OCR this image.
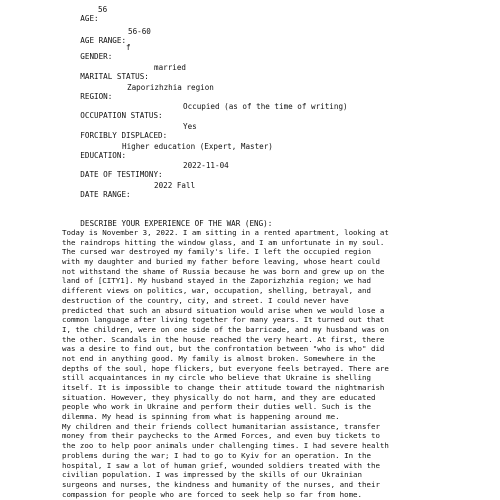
AGE:

56

AGE RANGE:

56-60

GENDER:

f

MARITAL STATUS:

married

REGION:

Zaporizhzhia region

OCCUPATION STATUS:

Occupied (as of the time of writing)

FORCIBLY DISPLACED:

Yes

EDUCATION:

Higher education (Expert, Master)

DATE OF TESTIMONY:

2022-11-04

DATE RANGE:

2022 Fall

DESCRIBE YOUR EXPERIENCE OF THE WAR (ENG):

Today is November 3, 2022. I am sitting in a rented apartment, looking at
the raindrops hitting the window glass, and I am unfortunate in my soul.
The cursed war destroyed my family's life. I left the occupied region
with my daughter and buried my father before leaving, whose heart could
not withstand the shame of Russia because he was born and grew up on the
land of [CITY1]. My husband stayed in the Zaporizhzhia region; we had
different views on politics, war, occupation, shelling, betrayal, and
destruction of the country, city, and street. I could never have
predicted that such an absurd situation would arise when we would lose a
common language after living together for many years. It turned out that
I, the children, were on one side of the barricade, and my husband was on
the other. Scandals in the house reached the very heart. At first, there
was a desire to find out, but the confrontation between "who is who" did
not end in anything good. My family is almost broken. Somewhere in the
depths of the soul, hope flickers, but everyone feels betrayed. There are
still acquaintances in my circle who believe that Ukraine is shelling
itself. It is impossible to change their attitude toward the nightmarish
situation. However, they physically do not harm, and they are educated
people who work in Ukraine and perform their duties well. Such is the
dilemma. My head is spinning from what is happening around me.
My children and their friends collect humanitarian assistance, transfer
money from their paychecks to the Armed Forces, and even buy tickets to
the zoo to help poor animals under challenging times. I had severe health
problems during the war; I had to go to Kyiv for an operation. In the
hospital, I saw a lot of human grief, wounded soldiers treated with the
civilian population. I was impressed by the skills of our Ukrainian
surgeons and nurses, the kindness and humanity of the nurses, and their
compassion for people who are forced to seek help so far from home.
